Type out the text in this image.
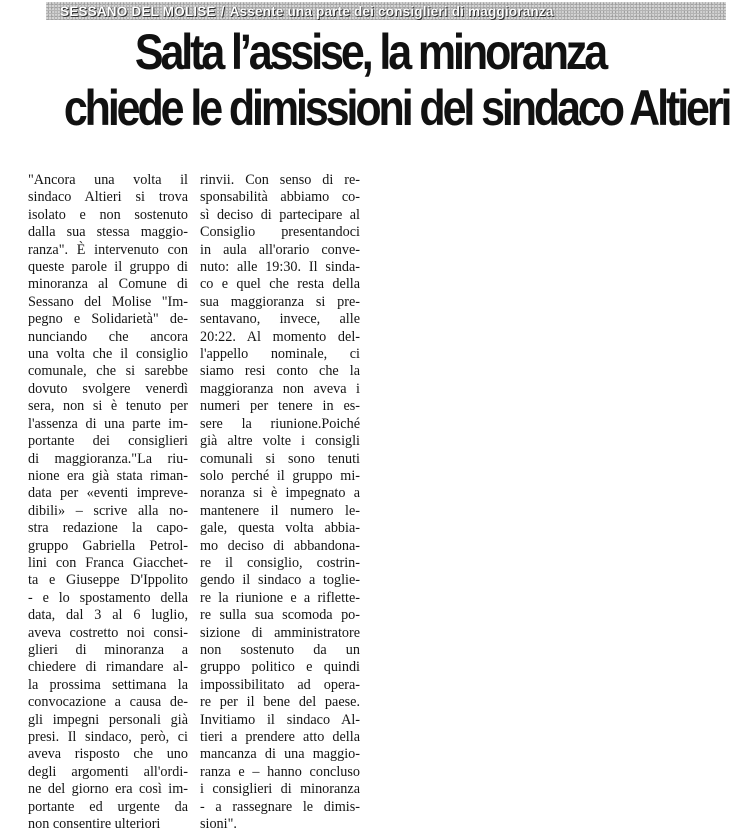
SESSANO DEL MOLISE / Assente una parte dei consiglieri di maggioranza
Salta l’assise, la minoranza
chiede le dimissioni del sindaco Altieri
"Ancora una volta il
sindaco Altieri si trova
isolato e non sostenuto
dalla sua stessa maggio-
ranza". È intervenuto con
queste parole il gruppo di
minoranza al Comune di
Sessano del Molise "Im-
pegno e Solidarietà" de-
nunciando che ancora
una volta che il consiglio
comunale, che si sarebbe
dovuto svolgere venerdì
sera, non si è tenuto per
l'assenza di una parte im-
portante dei consiglieri
di maggioranza."La riu-
nione era già stata riman-
data per «eventi impreve-
dibili» – scrive alla no-
stra redazione la capo-
gruppo Gabriella Petrol-
lini con Franca Giacchet-
ta e Giuseppe D'Ippolito
- e lo spostamento della
data, dal 3 al 6 luglio,
aveva costretto noi consi-
glieri di minoranza a
chiedere di rimandare al-
la prossima settimana la
convocazione a causa de-
gli impegni personali già
presi. Il sindaco, però, ci
aveva risposto che uno
degli argomenti all'ordi-
ne del giorno era così im-
portante ed urgente da
non consentire ulteriori
rinvii. Con senso di re-
sponsabilità abbiamo co-
sì deciso di partecipare al
Consiglio presentandoci
in aula all'orario conve-
nuto: alle 19:30. Il sinda-
co e quel che resta della
sua maggioranza si pre-
sentavano, invece, alle
20:22. Al momento del-
l'appello nominale, ci
siamo resi conto che la
maggioranza non aveva i
numeri per tenere in es-
sere la riunione.Poiché
già altre volte i consigli
comunali si sono tenuti
solo perché il gruppo mi-
noranza si è impegnato a
mantenere il numero le-
gale, questa volta abbia-
mo deciso di abbandona-
re il consiglio, costrin-
gendo il sindaco a toglie-
re la riunione e a riflette-
re sulla sua scomoda po-
sizione di amministratore
non sostenuto da un
gruppo politico e quindi
impossibilitato ad opera-
re per il bene del paese.
Invitiamo il sindaco Al-
tieri a prendere atto della
mancanza di una maggio-
ranza e – hanno concluso
i consiglieri di minoranza
- a rassegnare le dimis-
sioni".
